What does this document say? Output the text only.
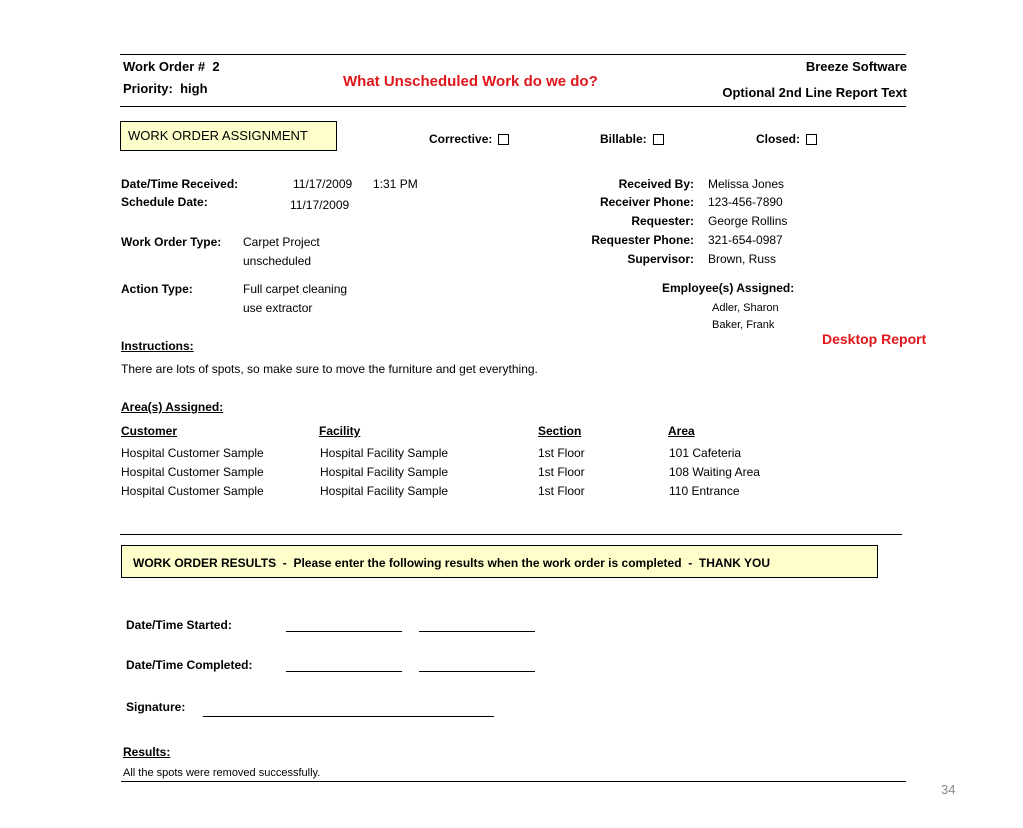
Work Order # 2
Priority: high	What Unscheduled Work do we do?
Breeze Software
Optional 2nd Line Report Text
WORK ORDER ASSIGNMENT	Corrective:	Billable:	Closed:
Date/Time Received:	11/17/2009 1:31 PM
Schedule Date:	11/17/2009
Work Order Type: Carpet Project
unscheduled
Action Type:	Full carpet cleaning
use extractor
Received By: Melissa Jones
Receiver Phone: 123-456-7890
Requester: George Rollins
Requester Phone: 321-654-0987
Supervisor: Brown, Russ
Employee(s) Assigned:
Adler, Sharon
Baker, Frank
Desktop Report
Instructions:
There are lots of spots, so make sure to move the furniture and get everything.
Area(s) Assigned:
Customer	Facility	Section	Area
Hospital Customer Sample	Hospital Facility Sample	1st Floor	101 Cafeteria
Hospital Customer Sample	Hospital Facility Sample	1st Floor	108 Waiting Area
Hospital Customer Sample	Hospital Facility Sample	1st Floor	110 Entrance
WORK ORDER RESULTS  -  Please enter the following results when the work order is completed  -  THANK YOU
Date/Time Started:
Date/Time Completed:
Signature:
Results:
All the spots were removed successfully.
34
